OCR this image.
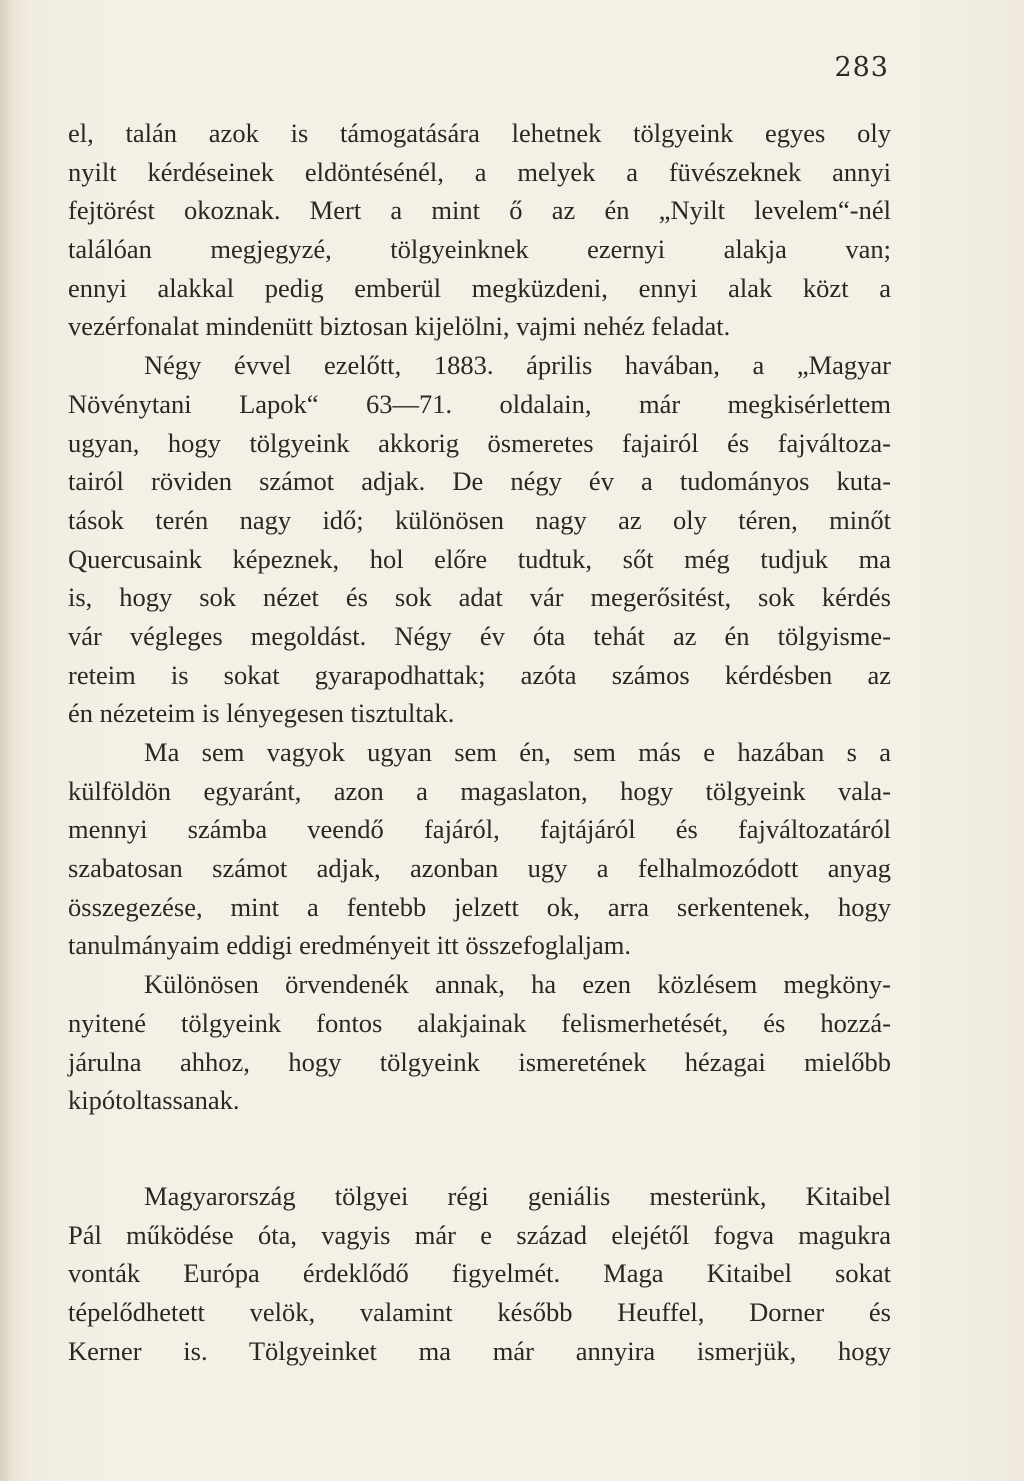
283
el, talán azok is támogatására lehetnek tölgyeink egyes oly
nyilt kérdéseinek eldöntésénél, a melyek a füvészeknek annyi
fejtörést okoznak. Mert a mint ő az én „Nyilt levelem“-nél
találóan megjegyzé, tölgyeinknek ezernyi alakja van;
ennyi alakkal pedig emberül megküzdeni, ennyi alak közt a
vezérfonalat mindenütt biztosan kijelölni, vajmi nehéz feladat.
Négy évvel ezelőtt, 1883. április havában, a „Magyar
Növénytani Lapok“ 63—71. oldalain, már megkisérlettem
ugyan, hogy tölgyeink akkorig ösmeretes fajairól és fajváltoza-
tairól röviden számot adjak. De négy év a tudományos kuta-
tások terén nagy idő; különösen nagy az oly téren, minőt
Quercusaink képeznek, hol előre tudtuk, sőt még tudjuk ma
is, hogy sok nézet és sok adat vár megerősitést, sok kérdés
vár végleges megoldást. Négy év óta tehát az én tölgyisme-
reteim is sokat gyarapodhattak; azóta számos kérdésben az
én nézeteim is lényegesen tisztultak.
Ma sem vagyok ugyan sem én, sem más e hazában s a
külföldön egyaránt, azon a magaslaton, hogy tölgyeink vala-
mennyi számba veendő fajáról, fajtájáról és fajváltozatáról
szabatosan számot adjak, azonban ugy a felhalmozódott anyag
összegezése, mint a fentebb jelzett ok, arra serkentenek, hogy
tanulmányaim eddigi eredményeit itt összefoglaljam.
Különösen örvendenék annak, ha ezen közlésem megköny-
nyitené tölgyeink fontos alakjainak felismerhetését, és hozzá-
járulna ahhoz, hogy tölgyeink ismeretének hézagai mielőbb
kipótoltassanak.
Magyarország tölgyei régi geniális mesterünk, Kitaibel
Pál működése óta, vagyis már e század elejétől fogva magukra
vonták Európa érdeklődő figyelmét. Maga Kitaibel sokat
tépelődhetett velök, valamint később Heuffel, Dorner és
Kerner is. Tölgyeinket ma már annyira ismerjük, hogy
